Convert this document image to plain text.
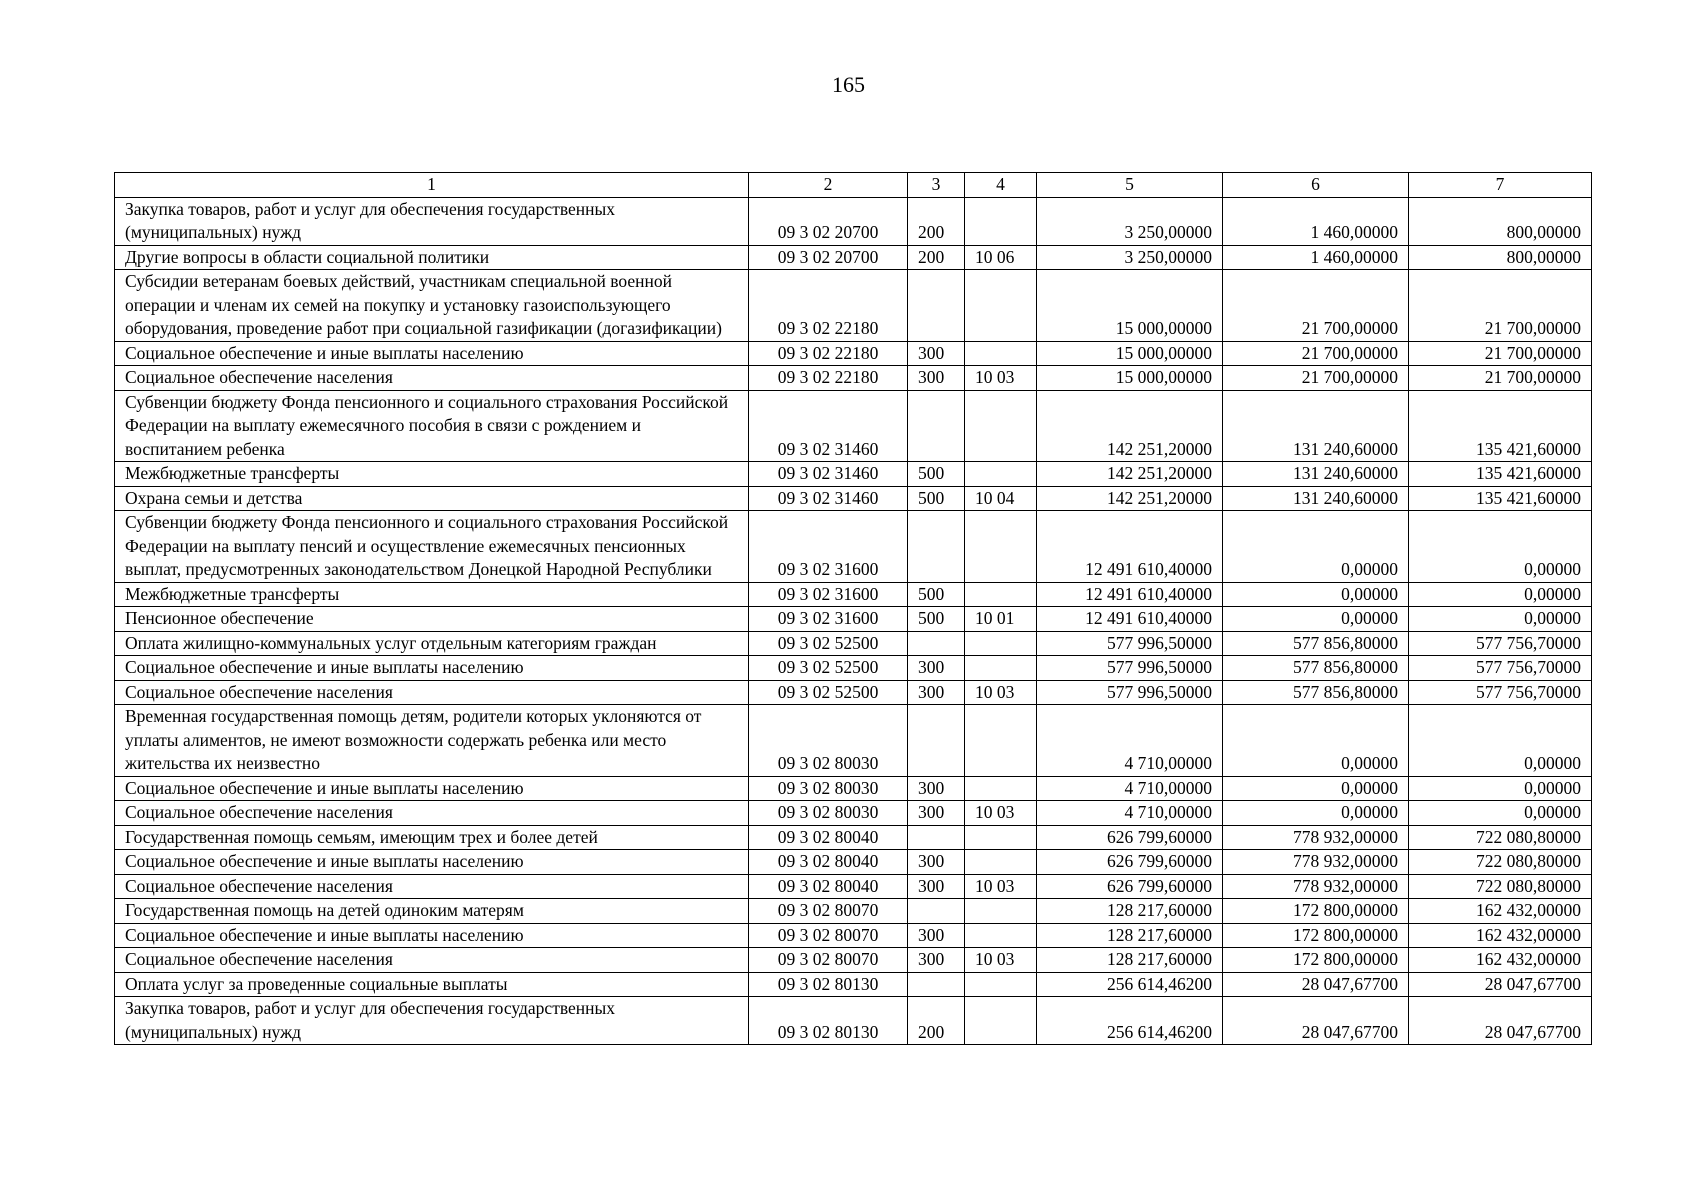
165
1	2	3	4	5	6	7
Закупка товаров, работ и услуг для обеспечения государственных (муниципальных) нужд	09 3 02 20700	200		3 250,00000	1 460,00000	800,00000
Другие вопросы в области социальной политики	09 3 02 20700	200	10 06	3 250,00000	1 460,00000	800,00000
Субсидии ветеранам боевых действий, участникам специальной военной операции и членам их семей на покупку и установку газоиспользующего оборудования, проведение работ при социальной газификации (догазификации)	09 3 02 22180			15 000,00000	21 700,00000	21 700,00000
Социальное обеспечение и иные выплаты населению	09 3 02 22180	300		15 000,00000	21 700,00000	21 700,00000
Социальное обеспечение населения	09 3 02 22180	300	10 03	15 000,00000	21 700,00000	21 700,00000
Субвенции бюджету Фонда пенсионного и социального страхования Российской Федерации на выплату ежемесячного пособия в связи с рождением и воспитанием ребенка	09 3 02 31460			142 251,20000	131 240,60000	135 421,60000
Межбюджетные трансферты	09 3 02 31460	500		142 251,20000	131 240,60000	135 421,60000
Охрана семьи и детства	09 3 02 31460	500	10 04	142 251,20000	131 240,60000	135 421,60000
Субвенции бюджету Фонда пенсионного и социального страхования Российской Федерации на выплату пенсий и осуществление ежемесячных пенсионных выплат, предусмотренных законодательством Донецкой Народной Республики	09 3 02 31600			12 491 610,40000	0,00000	0,00000
Межбюджетные трансферты	09 3 02 31600	500		12 491 610,40000	0,00000	0,00000
Пенсионное обеспечение	09 3 02 31600	500	10 01	12 491 610,40000	0,00000	0,00000
Оплата жилищно-коммунальных услуг отдельным категориям граждан	09 3 02 52500			577 996,50000	577 856,80000	577 756,70000
Социальное обеспечение и иные выплаты населению	09 3 02 52500	300		577 996,50000	577 856,80000	577 756,70000
Социальное обеспечение населения	09 3 02 52500	300	10 03	577 996,50000	577 856,80000	577 756,70000
Временная государственная помощь детям, родители которых уклоняются от уплаты алиментов, не имеют возможности содержать ребенка или место жительства их неизвестно	09 3 02 80030			4 710,00000	0,00000	0,00000
Социальное обеспечение и иные выплаты населению	09 3 02 80030	300		4 710,00000	0,00000	0,00000
Социальное обеспечение населения	09 3 02 80030	300	10 03	4 710,00000	0,00000	0,00000
Государственная помощь семьям, имеющим трех и более детей	09 3 02 80040			626 799,60000	778 932,00000	722 080,80000
Социальное обеспечение и иные выплаты населению	09 3 02 80040	300		626 799,60000	778 932,00000	722 080,80000
Социальное обеспечение населения	09 3 02 80040	300	10 03	626 799,60000	778 932,00000	722 080,80000
Государственная помощь на детей одиноким матерям	09 3 02 80070			128 217,60000	172 800,00000	162 432,00000
Социальное обеспечение и иные выплаты населению	09 3 02 80070	300		128 217,60000	172 800,00000	162 432,00000
Социальное обеспечение населения	09 3 02 80070	300	10 03	128 217,60000	172 800,00000	162 432,00000
Оплата услуг за проведенные социальные выплаты	09 3 02 80130			256 614,46200	28 047,67700	28 047,67700
Закупка товаров, работ и услуг для обеспечения государственных (муниципальных) нужд	09 3 02 80130	200		256 614,46200	28 047,67700	28 047,67700
